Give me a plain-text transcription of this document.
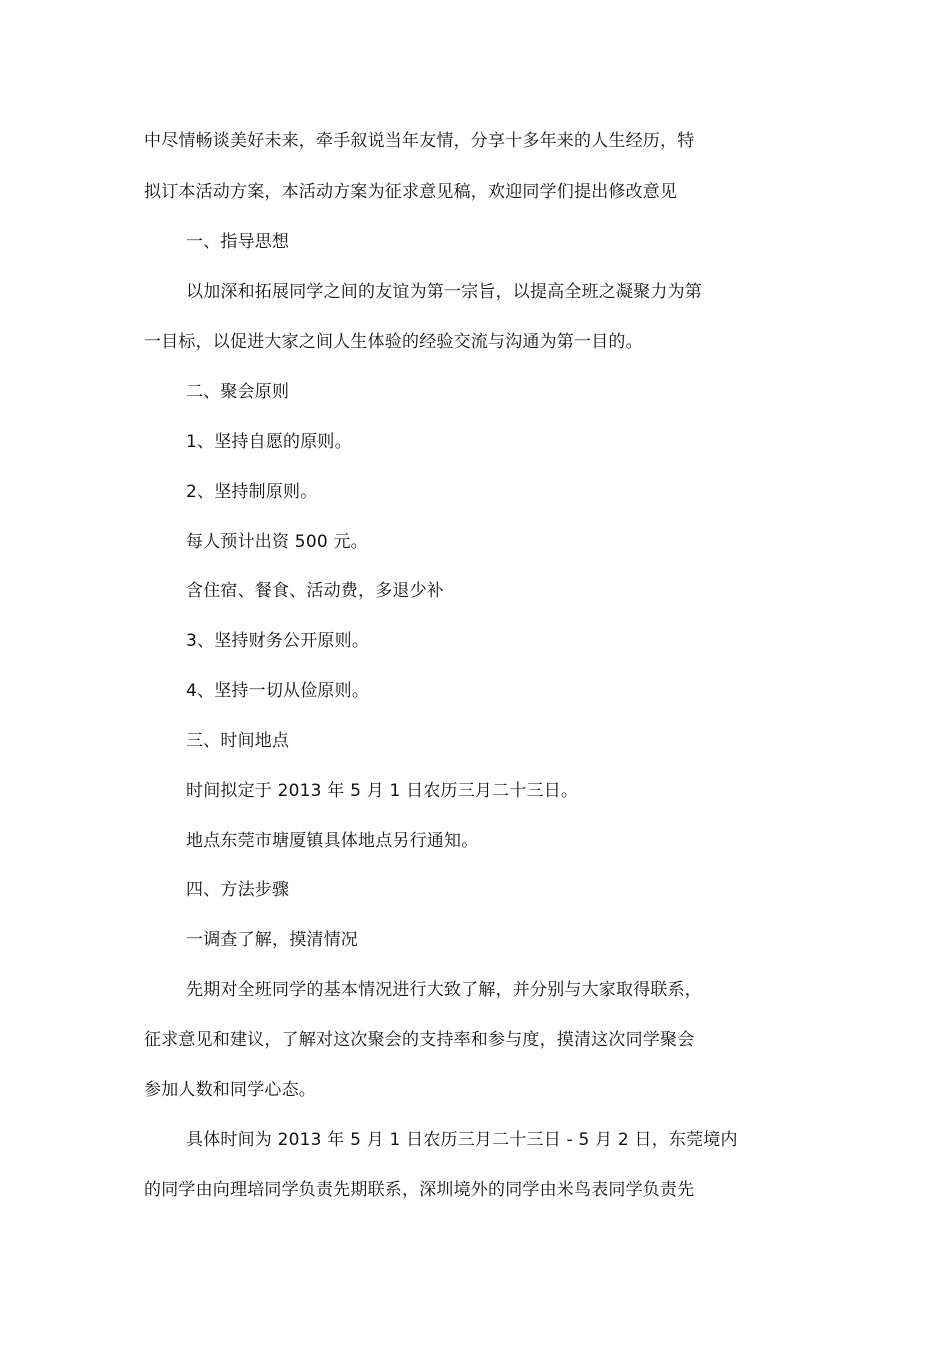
中尽情畅谈美好未来，牵手叙说当年友情，分享十多年来的人生经历，特
拟订本活动方案，本活动方案为征求意见稿，欢迎同学们提出修改意见
一、指导思想
以加深和拓展同学之间的友谊为第一宗旨，以提高全班之凝聚力为第
一目标，以促进大家之间人生体验的经验交流与沟通为第一目的。
二、聚会原则
1、坚持自愿的原则。
2、坚持制原则。
每人预计出资 500 元。
含住宿、餐食、活动费，多退少补
3、坚持财务公开原则。
4、坚持一切从俭原则。
三、时间地点
时间拟定于 2013 年 5 月 1 日农历三月二十三日。
地点东莞市塘厦镇具体地点另行通知。
四、方法步骤
一调查了解，摸清情况
先期对全班同学的基本情况进行大致了解，并分别与大家取得联系，
征求意见和建议，了解对这次聚会的支持率和参与度，摸清这次同学聚会
参加人数和同学心态。
具体时间为 2013 年 5 月 1 日农历三月二十三日 - 5 月 2 日，东莞境内
的同学由向理培同学负责先期联系，深圳境外的同学由米鸟表同学负责先
